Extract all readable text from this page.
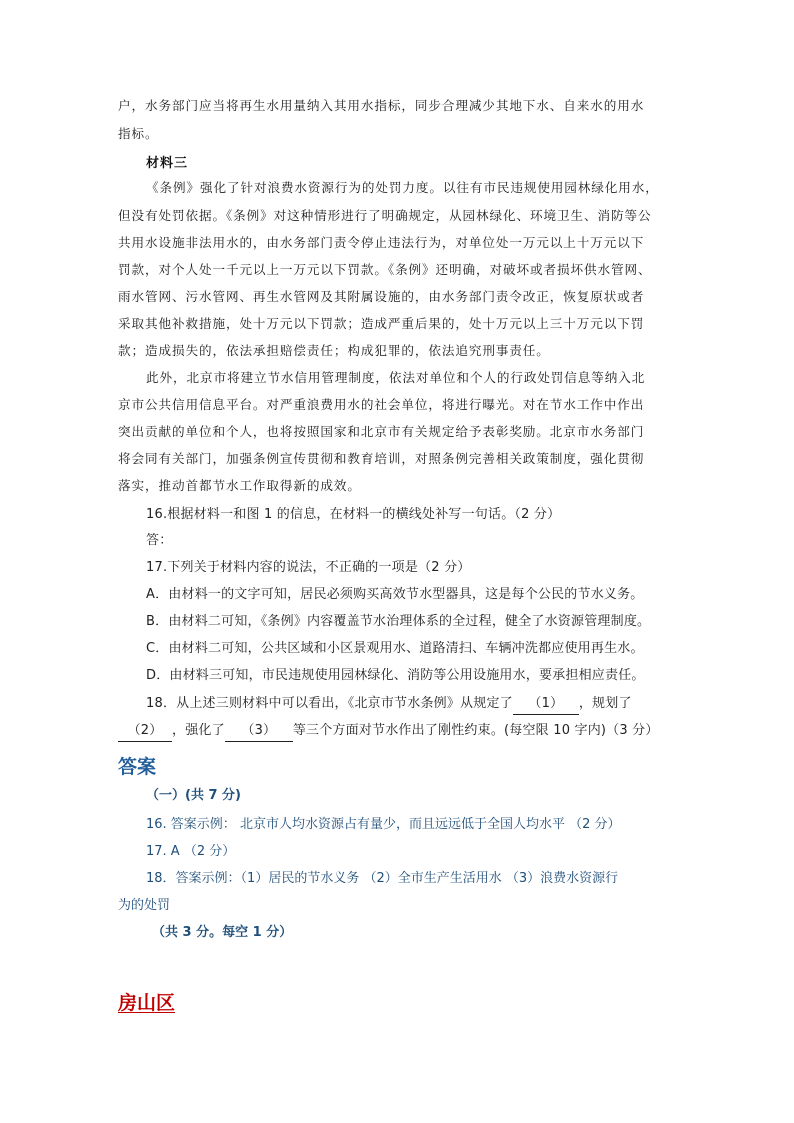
户，水务部门应当将再生水用量纳入其用水指标，同步合理减少其地下水、自来水的用水
指标。
材料三
《条例》强化了针对浪费水资源行为的处罚力度。以往有市民违规使用园林绿化用水，
但没有处罚依据。《条例》对这种情形进行了明确规定，从园林绿化、环境卫生、消防等公
共用水设施非法用水的，由水务部门责令停止违法行为，对单位处一万元以上十万元以下
罚款，对个人处一千元以上一万元以下罚款。《条例》还明确，对破坏或者损坏供水管网、
雨水管网、污水管网、再生水管网及其附属设施的，由水务部门责令改正，恢复原状或者
采取其他补救措施，处十万元以下罚款；造成严重后果的，处十万元以上三十万元以下罚
款；造成损失的，依法承担赔偿责任；构成犯罪的，依法追究刑事责任。
此外，北京市将建立节水信用管理制度，依法对单位和个人的行政处罚信息等纳入北
京市公共信用信息平台。对严重浪费用水的社会单位，将进行曝光。对在节水工作中作出
突出贡献的单位和个人，也将按照国家和北京市有关规定给予表彰奖励。北京市水务部门
将会同有关部门，加强条例宣传贯彻和教育培训，对照条例完善相关政策制度，强化贯彻
落实，推动首都节水工作取得新的成效。
16.根据材料一和图 1 的信息，在材料一的横线处补写一句话。（2 分）
答：
17.下列关于材料内容的说法，不正确的一项是（2 分）
A．由材料一的文字可知，居民必须购买高效节水型器具，这是每个公民的节水义务。
B．由材料二可知，《条例》内容覆盖节水治理体系的全过程，健全了水资源管理制度。
C．由材料二可知，公共区域和小区景观用水、道路清扫、车辆冲洗都应使用再生水。
D．由材料三可知，市民违规使用园林绿化、消防等公用设施用水，要承担相应责任。
18．从上述三则材料中可以看出，《北京市节水条例》从规定了 （1） ，规划了
（2） ，强化了 （3） 等三个方面对节水作出了刚性约束。(每空限 10 字内)（3 分）
答案
（一）(共 7 分)
16. 答案示例： 北京市人均水资源占有量少，而且远远低于全国人均水平 （2 分）
17. A （2 分）
18．答案示例：（1）居民的节水义务 （2）全市生产生活用水 （3）浪费水资源行
为的处罚
（共 3 分。每空 1 分）
房山区
